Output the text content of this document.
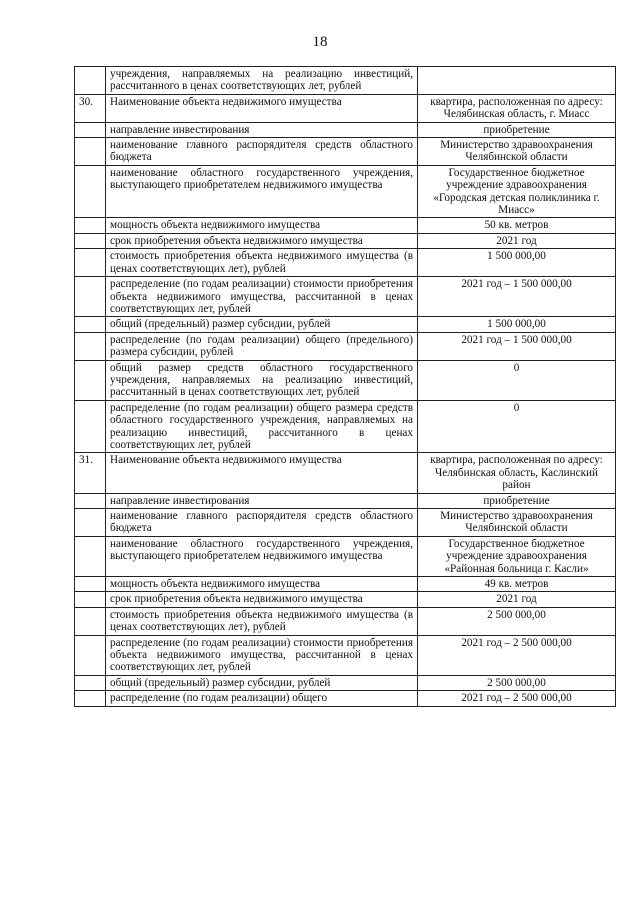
18
	учреждения, направляемых на реализацию инвестиций, рассчитанного в ценах соответствующих лет, рублей	
30.	Наименование объекта недвижимого имущества	квартира, расположенная по адресу: Челябинская область, г. Миасс
	направление инвестирования	приобретение
	наименование главного распорядителя средств областного бюджета	Министерство здравоохранения Челябинской области
	наименование областного государственного учреждения, выступающего приобретателем недвижимого имущества	Государственное бюджетное учреждение здравоохранения «Городская детская поликлиника г. Миасс»
	мощность объекта недвижимого имущества	50 кв. метров
	срок приобретения объекта недвижимого имущества	2021 год
	стоимость приобретения объекта недвижимого имущества (в ценах соответствующих лет), рублей	1 500 000,00
	распределение (по годам реализации) стоимости приобретения объекта недвижимого имущества, рассчитанной в ценах соответствующих лет, рублей	2021 год – 1 500 000,00
	общий (предельный) размер субсидии, рублей	1 500 000,00
	распределение (по годам реализации) общего (предельного) размера субсидии, рублей	2021 год – 1 500 000,00
	общий размер средств областного государственного учреждения, направляемых на реализацию инвестиций, рассчитанный в ценах соответствующих лет, рублей	0
	распределение (по годам реализации) общего размера средств областного государственного учреждения, направляемых на реализацию инвестиций, рассчитанного в ценах соответствующих лет, рублей	0
31.	Наименование объекта недвижимого имущества	квартира, расположенная по адресу: Челябинская область, Каслинский район
	направление инвестирования	приобретение
	наименование главного распорядителя средств областного бюджета	Министерство здравоохранения Челябинской области
	наименование областного государственного учреждения, выступающего приобретателем недвижимого имущества	Государственное бюджетное учреждение здравоохранения «Районная больница г. Касли»
	мощность объекта недвижимого имущества	49 кв. метров
	срок приобретения объекта недвижимого имущества	2021 год
	стоимость приобретения объекта недвижимого имущества (в ценах соответствующих лет), рублей	2 500 000,00
	распределение (по годам реализации) стоимости приобретения объекта недвижимого имущества, рассчитанной в ценах соответствующих лет, рублей	2021 год – 2 500 000,00
	общий (предельный) размер субсидии, рублей	2 500 000,00
	распределение (по годам реализации) общего	2021 год – 2 500 000,00
